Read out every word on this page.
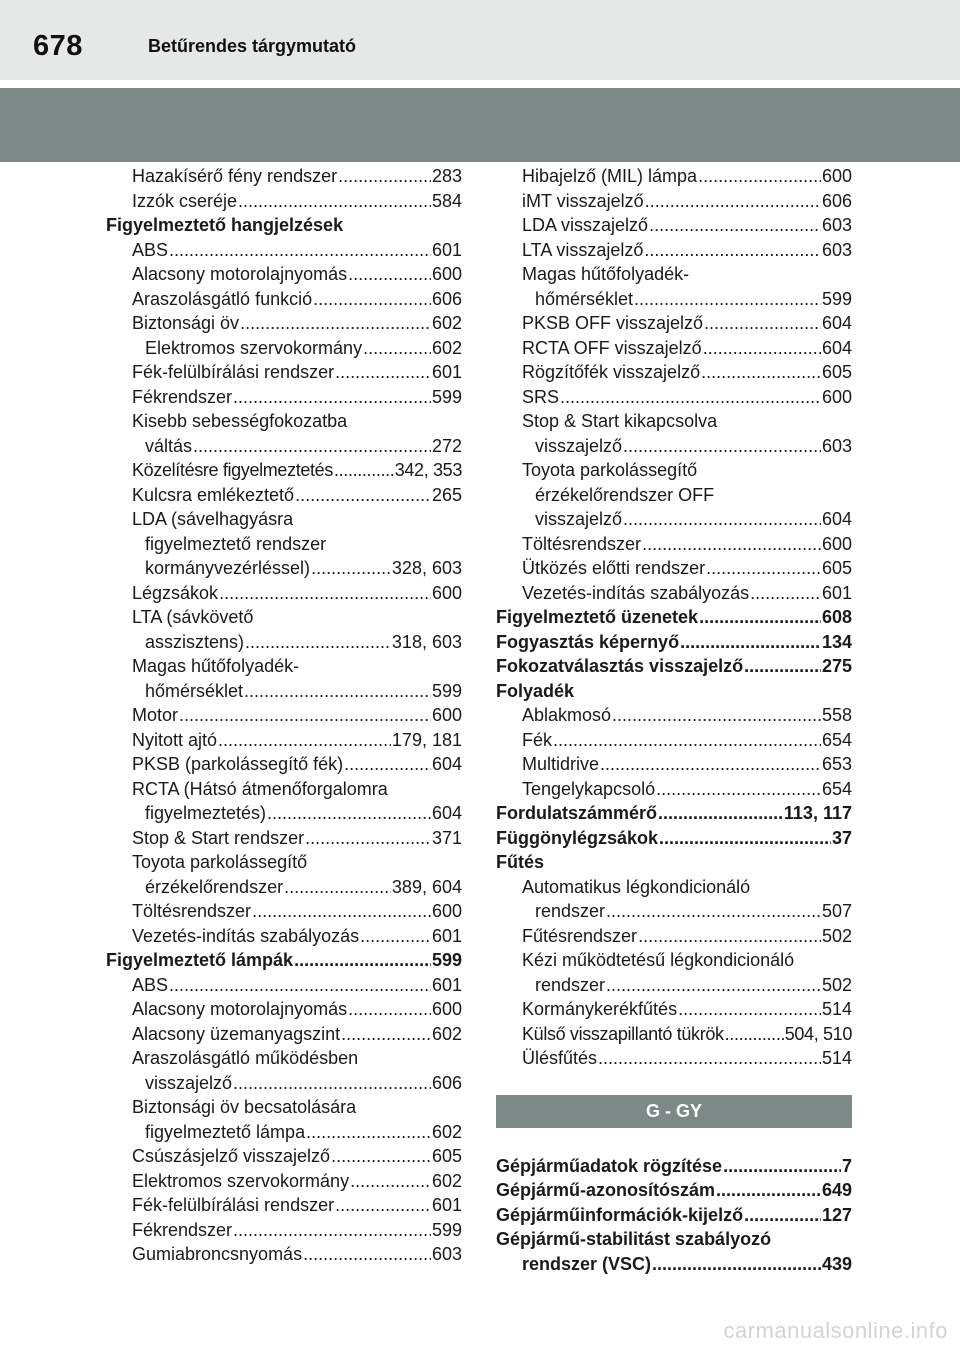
678	Betűrendes tárgymutató
Hazakísérő fény rendszer .....	283
Izzók cseréje .....	584
Figyelmeztető hangjelzések
ABS .....	601
Alacsony motorolajnyomás .....	600
Araszolásgátló funkció .....	606
Biztonsági öv .....	602
Elektromos szervokormány .....	602
Fék-felülbírálási rendszer .....	601
Fékrendszer .....	599
Kisebb sebességfokozatba
váltás .....	272
Közelítésre figyelmeztetés .....	342, 353
Kulcsra emlékeztető .....	265
LDA (sávelhagyásra
figyelmeztető rendszer
kormányvezérléssel) .....	328, 603
Légzsákok .....	600
LTA (sávkövető
asszisztens) .....	318, 603
Magas hűtőfolyadék-
hőmérséklet .....	599
Motor .....	600
Nyitott ajtó .....	179, 181
PKSB (parkolássegítő fék) .....	604
RCTA (Hátsó átmenőforgalomra
figyelmeztetés) .....	604
Stop & Start rendszer .....	371
Toyota parkolássegítő
érzékelőrendszer .....	389, 604
Töltésrendszer .....	600
Vezetés-indítás szabályozás .....	601
Figyelmeztető lámpák .....	599
ABS .....	601
Alacsony motorolajnyomás .....	600
Alacsony üzemanyagszint .....	602
Araszolásgátló működésben
visszajelző .....	606
Biztonsági öv becsatolására
figyelmeztető lámpa .....	602
Csúszásjelző visszajelző .....	605
Elektromos szervokormány .....	602
Fék-felülbírálási rendszer .....	601
Fékrendszer .....	599
Gumiabroncsnyomás .....	603
Hibajelző (MIL) lámpa .....	600
iMT visszajelző .....	606
LDA visszajelző .....	603
LTA visszajelző .....	603
Magas hűtőfolyadék-
hőmérséklet .....	599
PKSB OFF visszajelző .....	604
RCTA OFF visszajelző .....	604
Rögzítőfék visszajelző .....	605
SRS .....	600
Stop & Start kikapcsolva
visszajelző .....	603
Toyota parkolássegítő
érzékelőrendszer OFF
visszajelző .....	604
Töltésrendszer .....	600
Ütközés előtti rendszer .....	605
Vezetés-indítás szabályozás .....	601
Figyelmeztető üzenetek .....	608
Fogyasztás képernyő .....	134
Fokozatválasztás visszajelző .....	275
Folyadék
Ablakmosó .....	558
Fék .....	654
Multidrive .....	653
Tengelykapcsoló .....	654
Fordulatszámmérő .....	113, 117
Függönylégzsákok .....	37
Fűtés
Automatikus légkondicionáló
rendszer .....	507
Fűtésrendszer .....	502
Kézi működtetésű légkondicionáló
rendszer .....	502
Kormánykerékfűtés .....	514
Külső visszapillantó tükrök .....	504, 510
Ülésfűtés .....	514
G - GY
Gépjárműadatok rögzítése .....	7
Gépjármű-azonosítószám .....	649
Gépjárműinformációk-kijelző .....	127
Gépjármű-stabilitást szabályozó
rendszer (VSC) .....	439
carmanualsonline.info
